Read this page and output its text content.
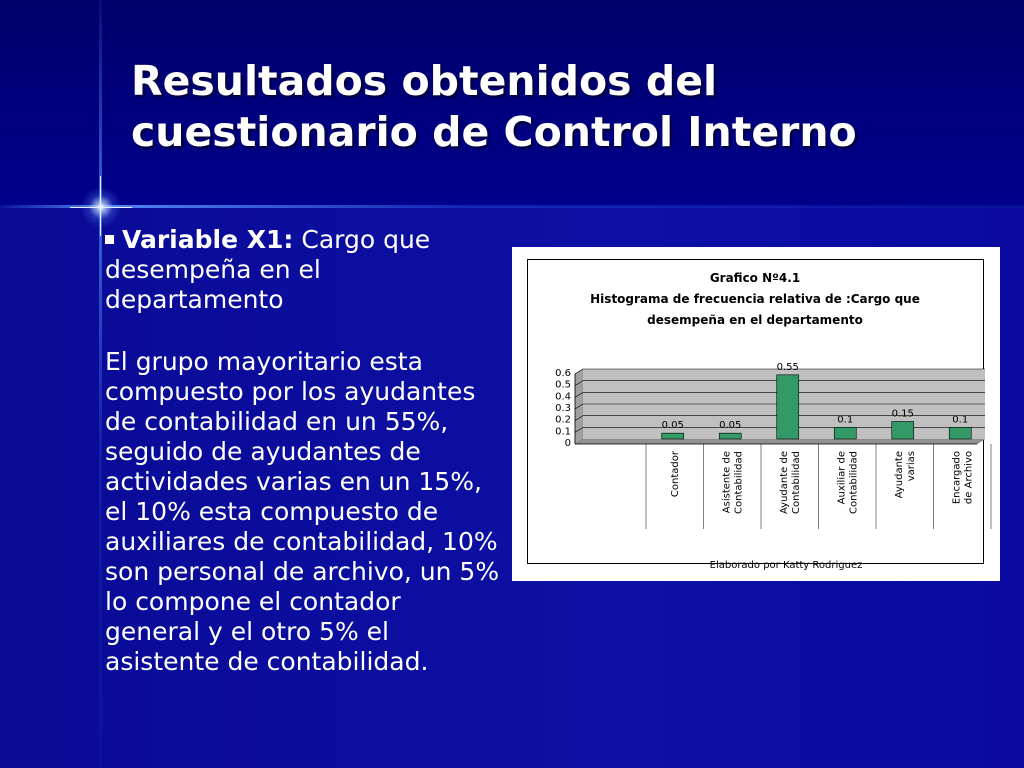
Resultados obtenidos del
cuestionario de Control Interno

Variable X1: Cargo que desempeña en el departamento

El grupo mayoritario esta compuesto por los ayudantes de contabilidad en un 55%, seguido de ayudantes de actividades varias en un 15%, el 10% esta compuesto de auxiliares de contabilidad, 10% son personal de archivo, un 5% lo compone el contador general y el otro 5% el asistente de contabilidad.

Grafico Nº4.1
Histograma de frecuencia relativa de :Cargo que
desempeña en el departamento
0
0.1
0.2
0.3
0.4
0.5
0.6
0.05
Contador
0.05
Asistente de Contabilidad
0.55
Ayudante de Contabilidad
0.1
Auxiliar de Contabilidad
0.15
Ayudante varias
0.1
Encargado de Archivo
Elaborado por Katty Rodriguez
